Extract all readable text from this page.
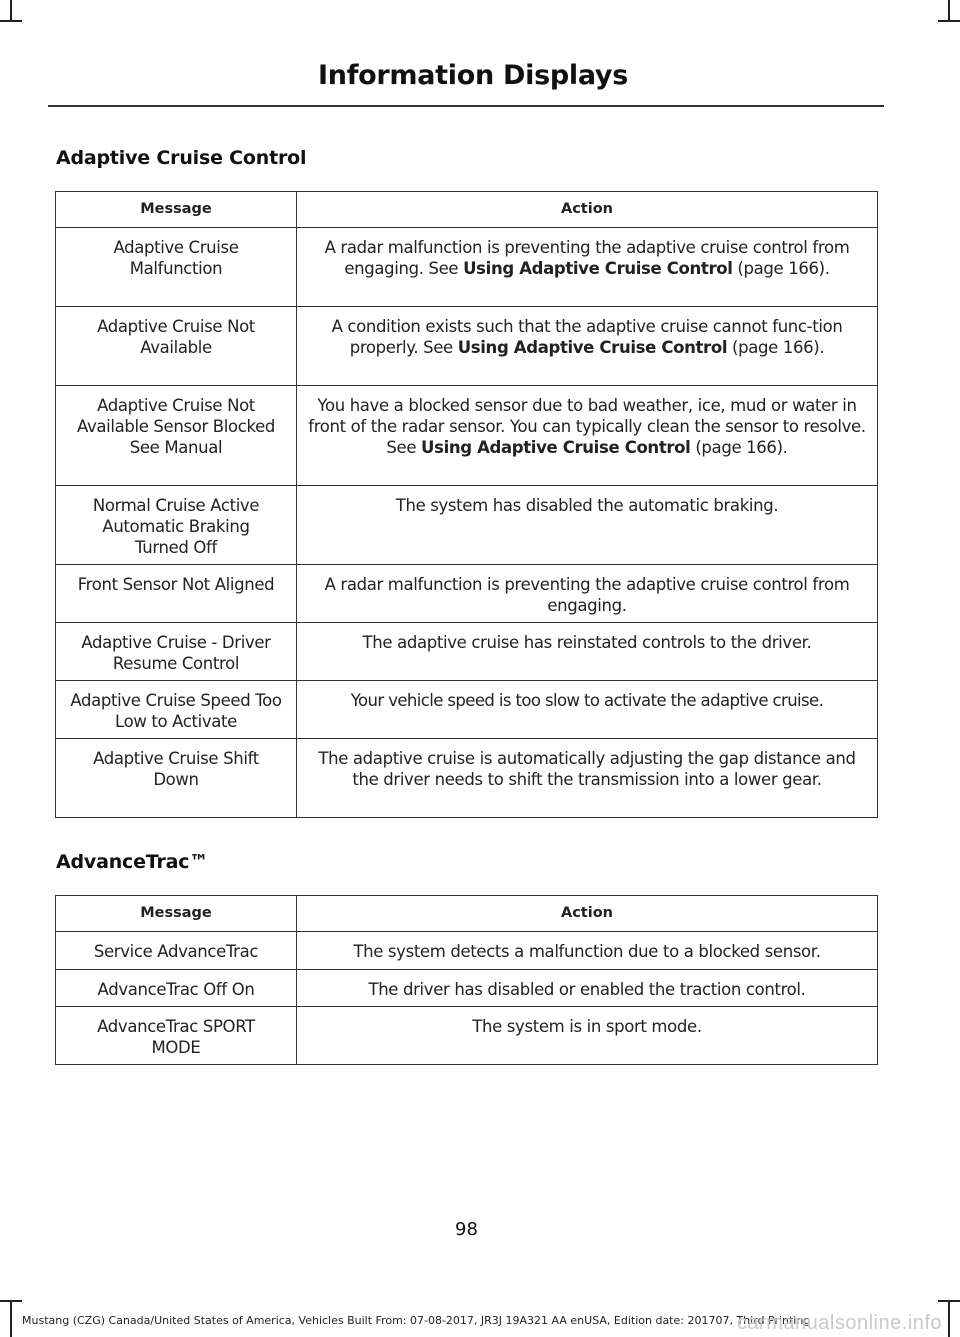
Information Displays
Adaptive Cruise Control
Message	Action
Adaptive Cruise Malfunction	A radar malfunction is preventing the adaptive cruise control from engaging. See Using Adaptive Cruise Control (page 166).
Adaptive Cruise Not Available	A condition exists such that the adaptive cruise cannot func-tion properly. See Using Adaptive Cruise Control (page 166).
Adaptive Cruise Not Available Sensor Blocked See Manual	You have a blocked sensor due to bad weather, ice, mud or water in front of the radar sensor. You can typically clean the sensor to resolve. See Using Adaptive Cruise Control (page 166).
Normal Cruise Active Automatic Braking Turned Off	The system has disabled the automatic braking.
Front Sensor Not Aligned	A radar malfunction is preventing the adaptive cruise control from engaging.
Adaptive Cruise - Driver Resume Control	The adaptive cruise has reinstated controls to the driver.
Adaptive Cruise Speed Too Low to Activate	Your vehicle speed is too slow to activate the adaptive cruise.
Adaptive Cruise Shift Down	The adaptive cruise is automatically adjusting the gap distance and the driver needs to shift the transmission into a lower gear.
AdvanceTrac™
Message	Action
Service AdvanceTrac	The system detects a malfunction due to a blocked sensor.
AdvanceTrac Off On	The driver has disabled or enabled the traction control.
AdvanceTrac SPORT MODE	The system is in sport mode.
98
Mustang (CZG) Canada/United States of America, Vehicles Built From: 07-08-2017, JR3J 19A321 AA enUSA, Edition date: 201707, Third Printing
carmanualsonline.info
